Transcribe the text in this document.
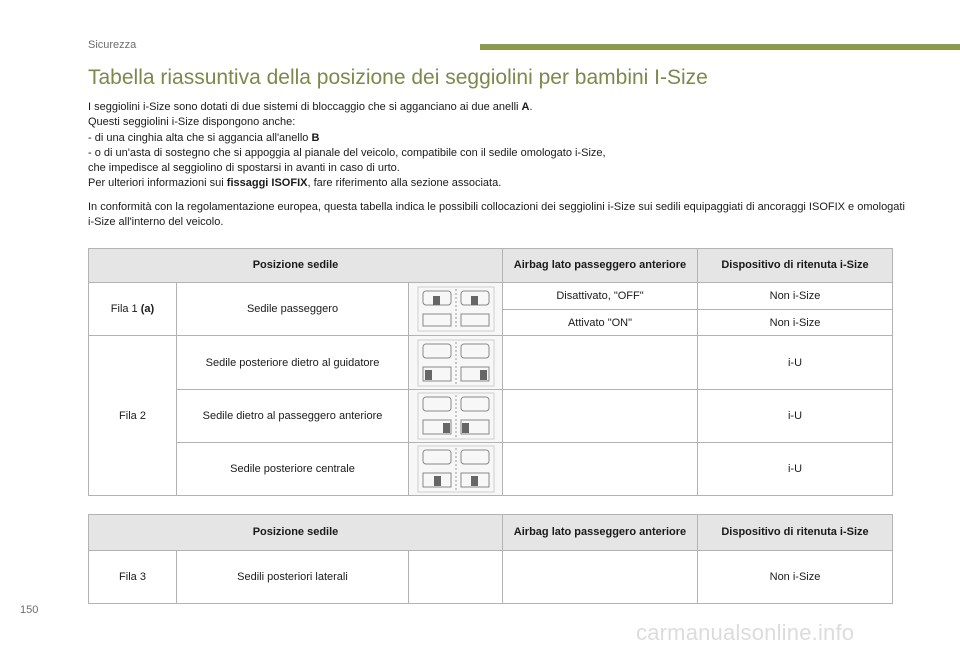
Sicurezza
Tabella riassuntiva della posizione dei seggiolini per bambini I-Size

I seggiolini i-Size sono dotati di due sistemi di bloccaggio che si agganciano ai due anelli A.

Questi seggiolini i-Size dispongono anche:

- di una cinghia alta che si aggancia all'anello B

- o di un'asta di sostegno che si appoggia al pianale del veicolo, compatibile con il sedile omologato i-Size,

che impedisce al seggiolino di spostarsi in avanti in caso di urto.

Per ulteriori informazioni sui fissaggi ISOFIX, fare riferimento alla sezione associata.

In conformità con la regolamentazione europea, questa tabella indica le possibili collocazioni dei seggiolini i-Size sui sedili equipaggiati di ancoraggi ISOFIX e omologati i-Size all'interno del veicolo.

Posizione sedile			Airbag lato passeggero anteriore	Dispositivo di ritenuta i-Size
Fila 1 (a)	Sedile passeggero		Disattivato, "OFF"	Non i-Size
			Attivato "ON"	Non i-Size
Fila 2	Sedile posteriore dietro al guidatore			i-U
	Sedile dietro al passeggero anteriore			i-U
	Sedile posteriore centrale			i-U
Posizione sedile			Airbag lato passeggero anteriore	Dispositivo di ritenuta i-Size
Fila 3	Sedili posteriori laterali			Non i-Size
150
carmanualsonline.info
